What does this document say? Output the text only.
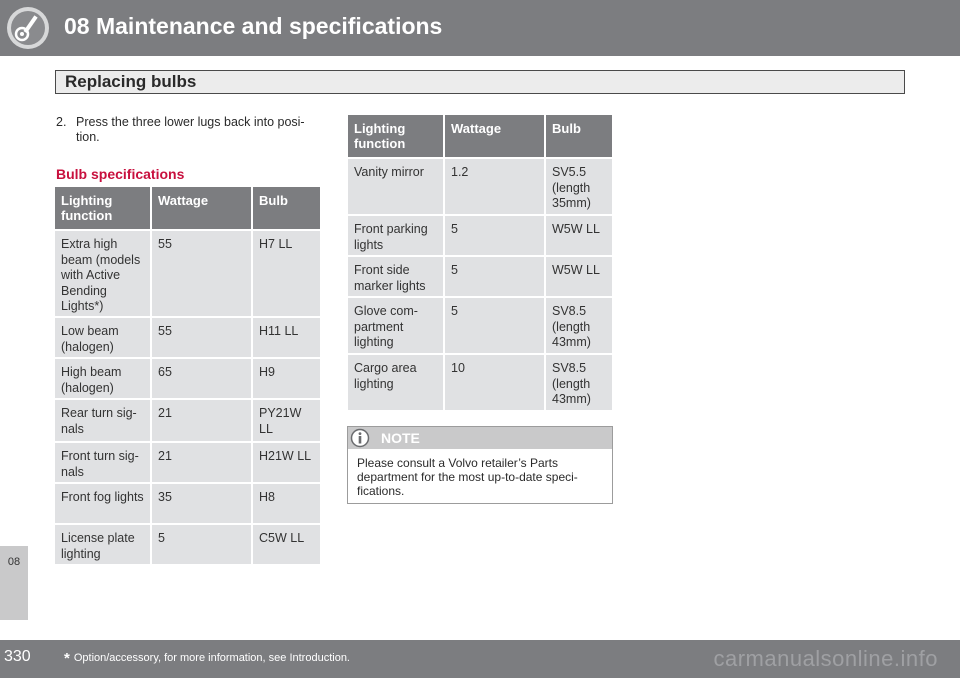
08 Maintenance and specifications
Replacing bulbs
08
2. Press the three lower lugs back into posi-tion.
Bulb specifications
Lighting function	Wattage	Bulb
Extra high beam (models with Active Bending Lights*)	55	H7 LL
Low beam (halogen)	55	H11 LL
High beam (halogen)	65	H9
Rear turn sig-nals	21	PY21W LL
Front turn sig-nals	21	H21W LL
Front fog lights	35	H8
License plate lighting	5	C5W LL
Lighting function	Wattage	Bulb
Vanity mirror	1.2	SV5.5 (length 35mm)
Front parking lights	5	W5W LL
Front side marker lights	5	W5W LL
Glove com-partment lighting	5	SV8.5 (length 43mm)
Cargo area lighting	10	SV8.5 (length 43mm)
NOTE
Please consult a Volvo retailer’s Parts department for the most up-to-date speci-fications.
330 * Option/accessory, for more information, see Introduction.	carmanualsonline.info
